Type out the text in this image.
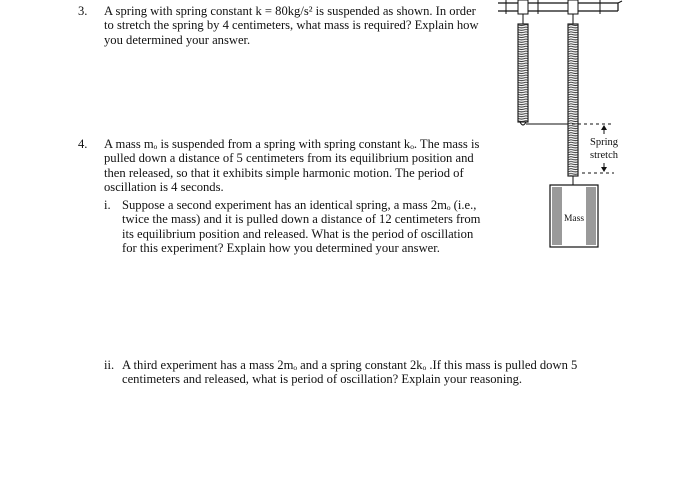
3. A spring with spring constant k = 80kg/s² is suspended as shown. In order
to stretch the spring by 4 centimeters, what mass is required? Explain how
you determined your answer.
4. A mass mₒ is suspended from a spring with spring constant kₒ. The mass is
pulled down a distance of 5 centimeters from its equilibrium position and
then released, so that it exhibits simple harmonic motion. The period of
oscillation is 4 seconds.
i. Suppose a second experiment has an identical spring, a mass 2mₒ (i.e.,
twice the mass) and it is pulled down a distance of 12 centimeters from
its equilibrium position and released. What is the period of oscillation
for this experiment? Explain how you determined your answer.
ii. A third experiment has a mass 2mₒ and a spring constant 2kₒ .If this mass is pulled down 5
centimeters and released, what is period of oscillation? Explain your reasoning.
Spring
stretch
Mass
